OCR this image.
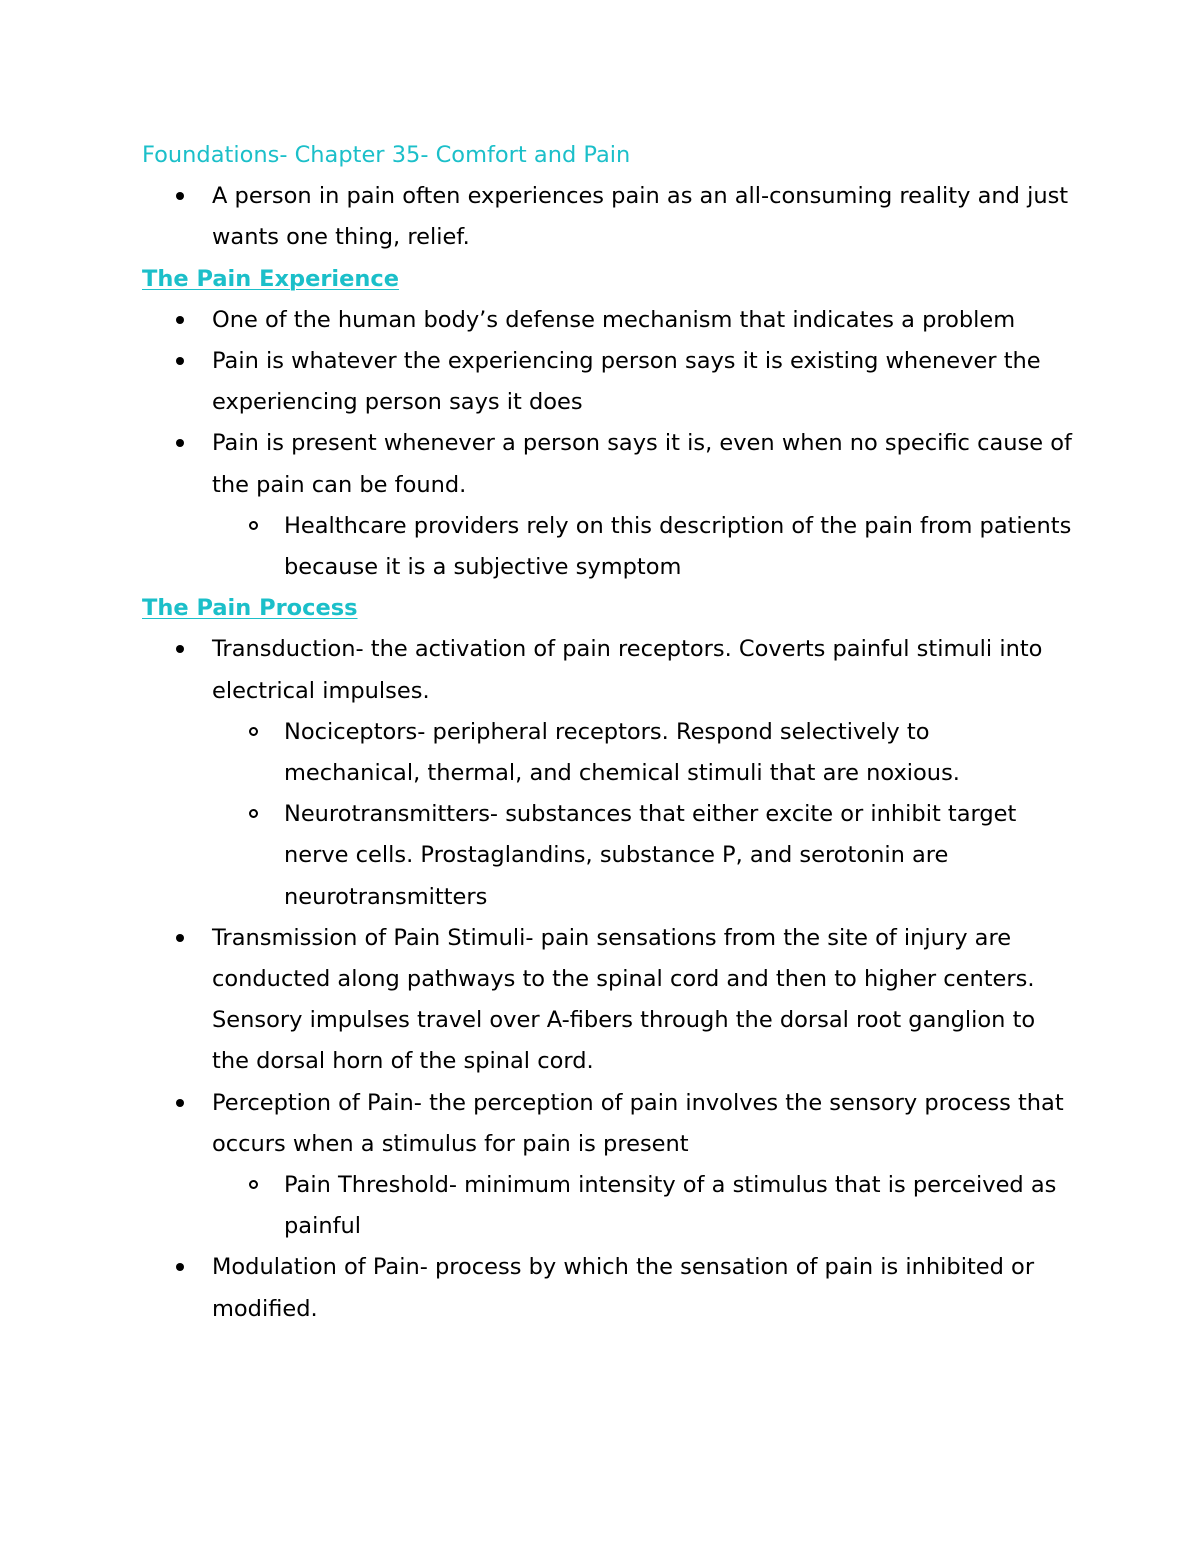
Foundations- Chapter 35- Comfort and Pain
A person in pain often experiences pain as an all-consuming reality and just wants one thing, relief.
The Pain Experience
One of the human body’s defense mechanism that indicates a problem
Pain is whatever the experiencing person says it is existing whenever the experiencing person says it does
Pain is present whenever a person says it is, even when no specific cause of the pain can be found.
Healthcare providers rely on this description of the pain from patients because it is a subjective symptom
The Pain Process
Transduction- the activation of pain receptors. Coverts painful stimuli into electrical impulses.
Nociceptors- peripheral receptors. Respond selectively to mechanical, thermal, and chemical stimuli that are noxious.
Neurotransmitters- substances that either excite or inhibit target nerve cells. Prostaglandins, substance P, and serotonin are neurotransmitters
Transmission of Pain Stimuli- pain sensations from the site of injury are conducted along pathways to the spinal cord and then to higher centers. Sensory impulses travel over A-fibers through the dorsal root ganglion to the dorsal horn of the spinal cord.
Perception of Pain- the perception of pain involves the sensory process that occurs when a stimulus for pain is present
Pain Threshold- minimum intensity of a stimulus that is perceived as painful
Modulation of Pain- process by which the sensation of pain is inhibited or modified.
